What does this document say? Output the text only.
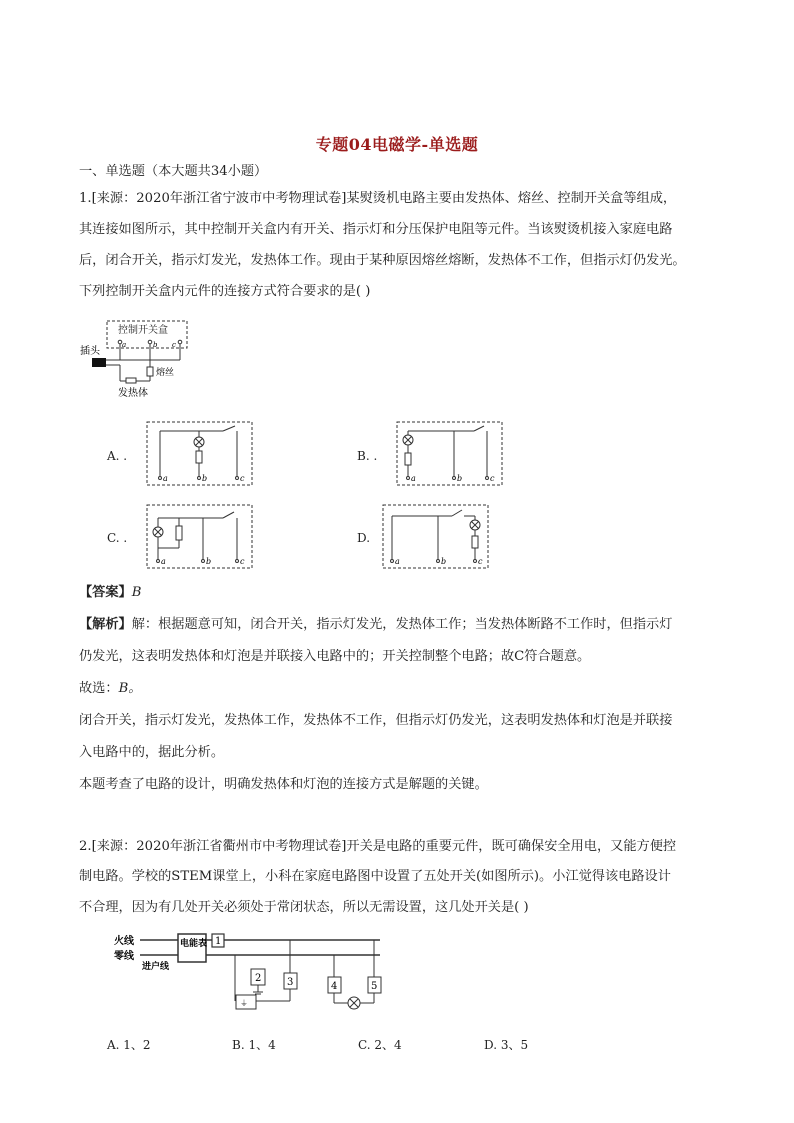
专题04电磁学-单选题
一、单选题（本大题共34小题）
1.[来源：2020年浙江省宁波市中考物理试卷]某熨烫机电路主要由发热体、熔丝、控制开关盒等组成，
其连接如图所示，其中控制开关盒内有开关、指示灯和分压保护电阻等元件。当该熨烫机接入家庭电路
后，闭合开关，指示灯发光，发热体工作。现由于某种原因熔丝熔断，发热体不工作，但指示灯仍发光。
下列控制开关盒内元件的连接方式符合要求的是( )
控制开关盒
a	b c
插头
熔丝
发热体
A. .
a	b	c
B. .
a	b	c
C. .
a	b	c
D.
a	b	c
【答案】B
【解析】解：根据题意可知，闭合开关，指示灯发光，发热体工作；当发热体断路不工作时，但指示灯
仍发光，这表明发热体和灯泡是并联接入电路中的；开关控制整个电路；故C符合题意。
故选：B。
闭合开关，指示灯发光，发热体工作，发热体不工作，但指示灯仍发光，这表明发热体和灯泡是并联接
入电路中的，据此分析。
本题考查了电路的设计，明确发热体和灯泡的连接方式是解题的关键。
2.[来源：2020年浙江省衢州市中考物理试卷]开关是电路的重要元件，既可确保安全用电，又能方便控
制电路。学校的STEM课堂上，小科在家庭电路图中设置了五处开关(如图所示)。小江觉得该电路设计
不合理，因为有几处开关必须处于常闭状态，所以无需设置，这几处开关是( )
火线
零线
电能表
进户线
1
⏚
2	3	4	5
A. 1、2	B. 1、4	C. 2、4	D. 3、5
